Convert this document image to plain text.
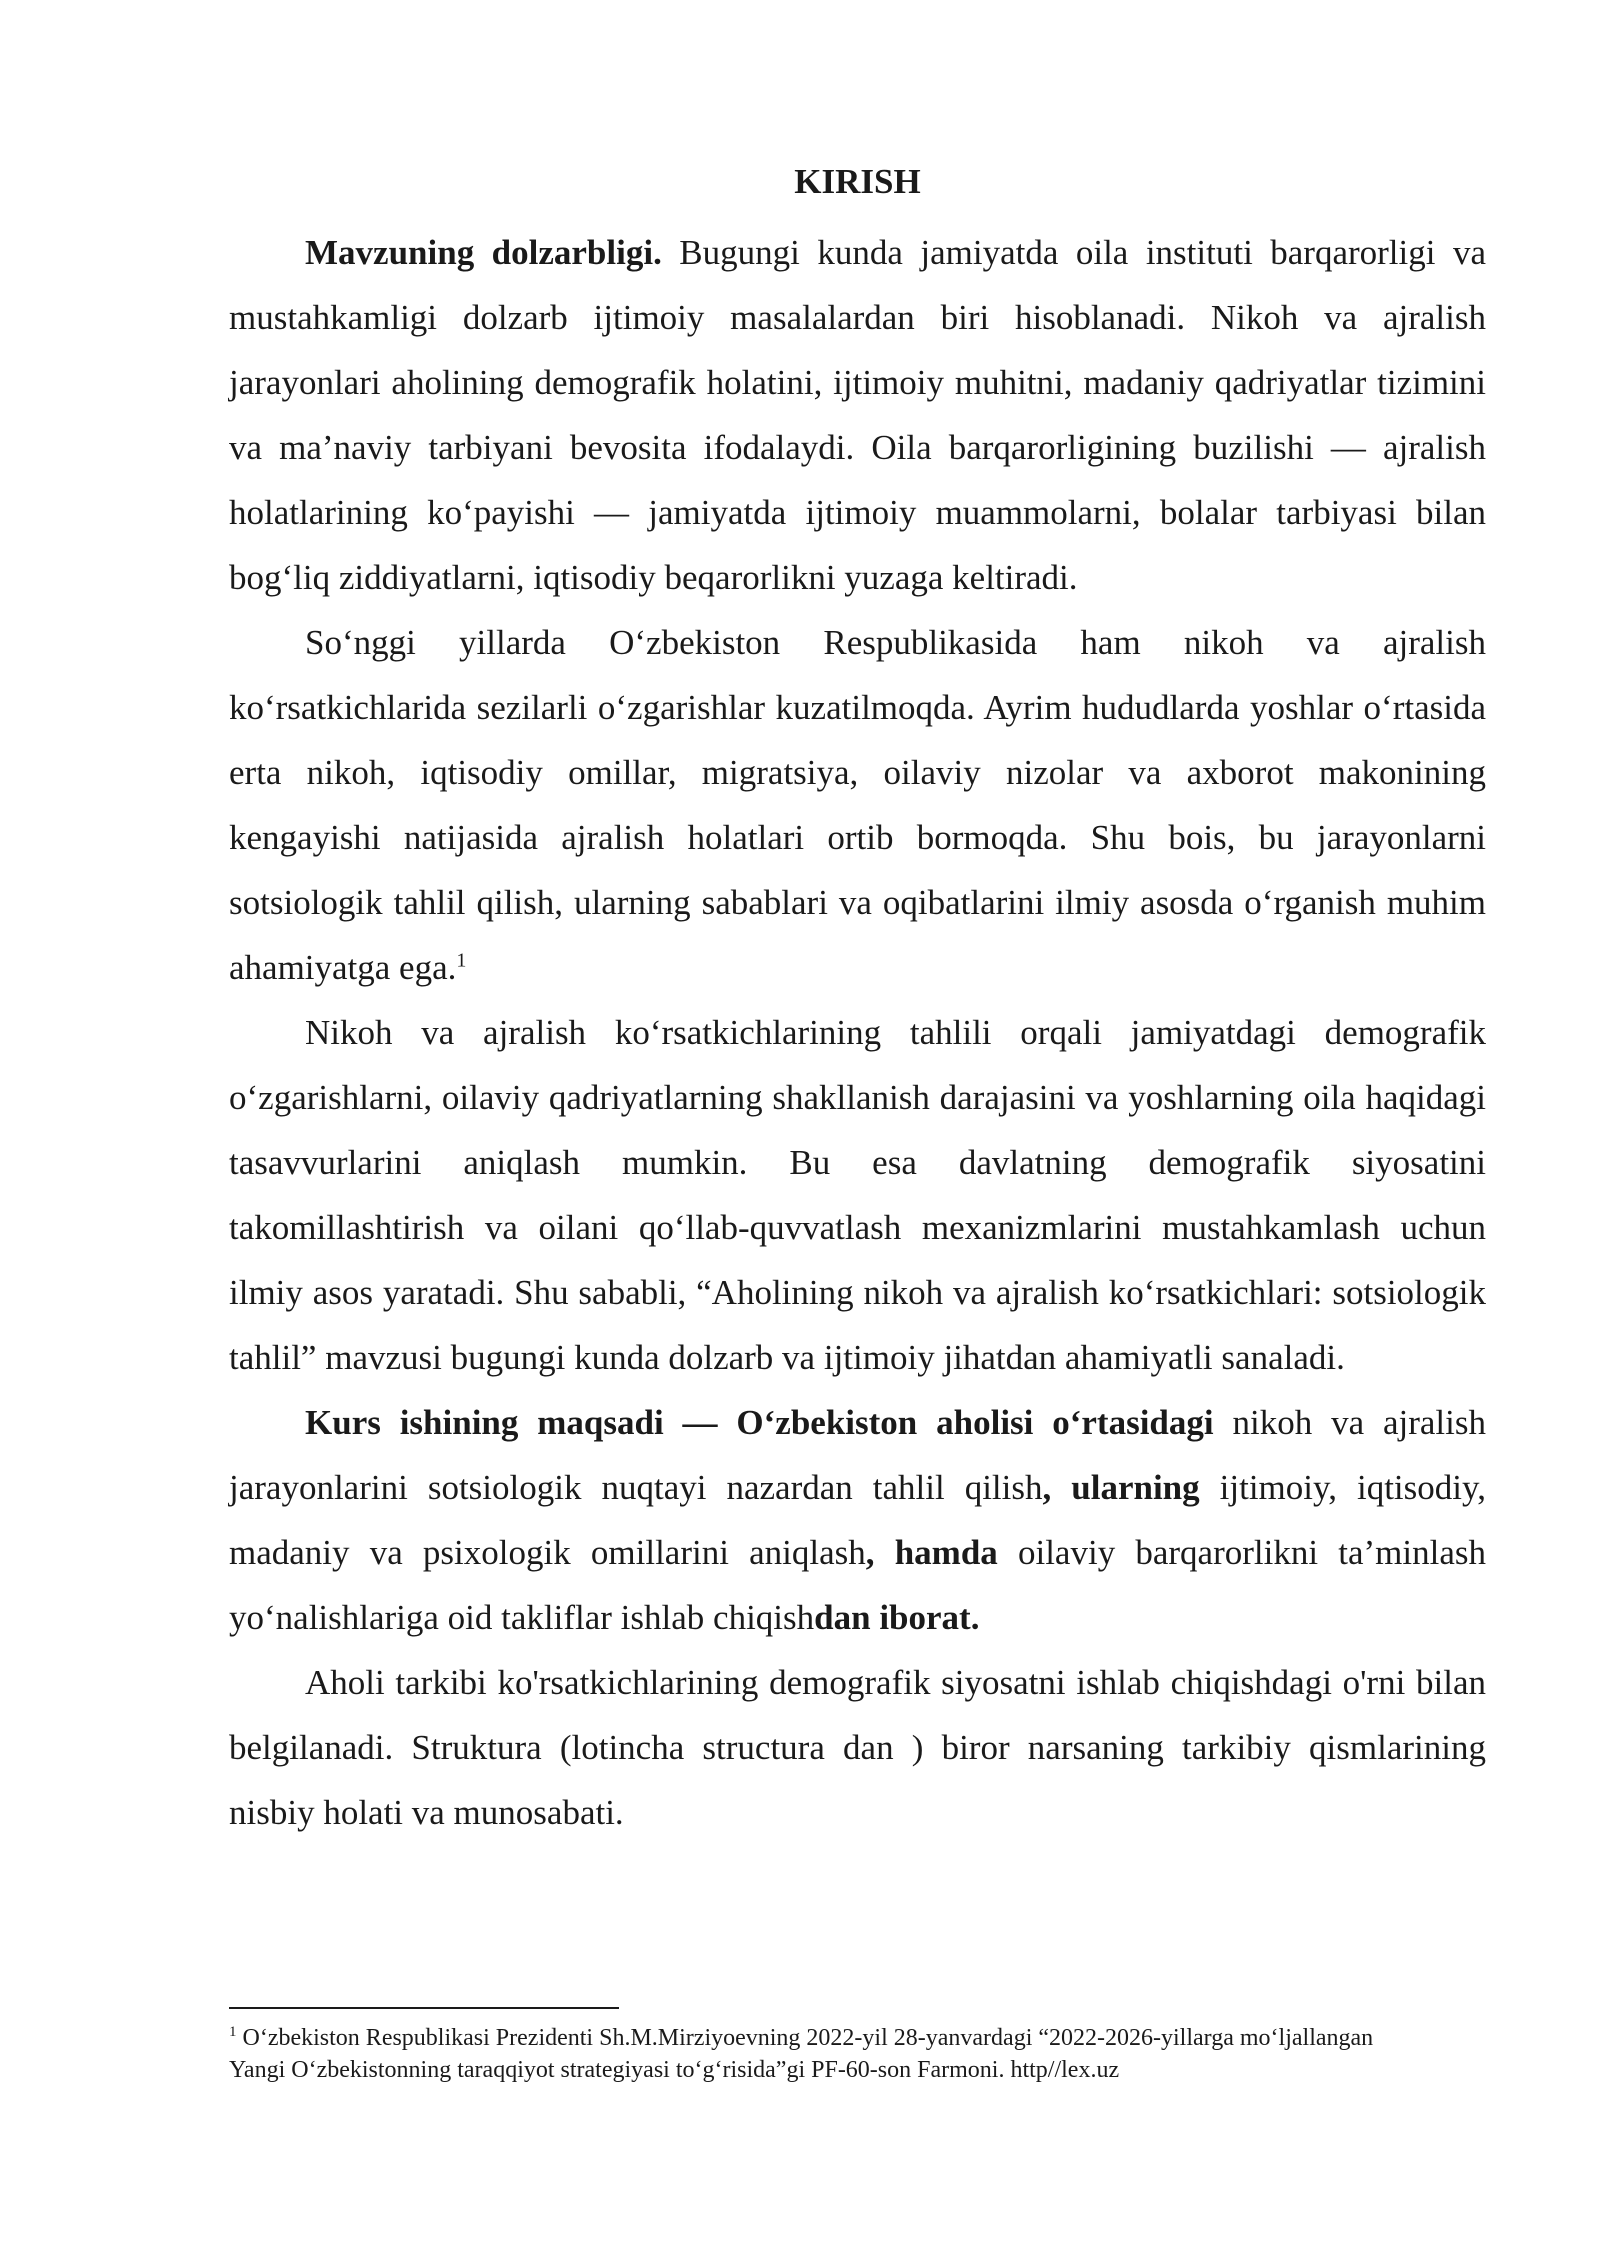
KIRISH

Mavzuning dolzarbligi. Bugungi kunda jamiyatda oila instituti barqarorligi va mustahkamligi dolzarb ijtimoiy masalalardan biri hisoblanadi. Nikoh va ajralish jarayonlari aholining demografik holatini, ijtimoiy muhitni, madaniy qadriyatlar tizimini va ma’naviy tarbiyani bevosita ifodalaydi. Oila barqarorligining buzilishi — ajralish holatlarining koʻpayishi — jamiyatda ijtimoiy muammolarni, bolalar tarbiyasi bilan bogʻliq ziddiyatlarni, iqtisodiy beqarorlikni yuzaga keltiradi.

Soʻnggi yillarda Oʻzbekiston Respublikasida ham nikoh va ajralish koʻrsatkichlarida sezilarli oʻzgarishlar kuzatilmoqda. Ayrim hududlarda yoshlar oʻrtasida erta nikoh, iqtisodiy omillar, migratsiya, oilaviy nizolar va axborot makonining kengayishi natijasida ajralish holatlari ortib bormoqda. Shu bois, bu jarayonlarni sotsiologik tahlil qilish, ularning sabablari va oqibatlarini ilmiy asosda oʻrganish muhim ahamiyatga ega.$^1$

Nikoh va ajralish koʻrsatkichlarining tahlili orqali jamiyatdagi demografik oʻzgarishlarni, oilaviy qadriyatlarning shakllanish darajasini va yoshlarning oila haqidagi tasavvurlarini aniqlash mumkin. Bu esa davlatning demografik siyosatini takomillashtirish va oilani qoʻllab-quvvatlash mexanizmlarini mustahkamlash uchun ilmiy asos yaratadi. Shu sababli, “Aholining nikoh va ajralish koʻrsatkichlari: sotsiologik tahlil” mavzusi bugungi kunda dolzarb va ijtimoiy jihatdan ahamiyatli sanaladi.

Kurs ishining maqsadi — Oʻzbekiston aholisi oʻrtasidagi nikoh va ajralish jarayonlarini sotsiologik nuqtayi nazardan tahlil qilish, ularning ijtimoiy, iqtisodiy, madaniy va psixologik omillarini aniqlash, hamda oilaviy barqarorlikni ta’minlash yoʻnalishlariga oid takliflar ishlab chiqishdan iborat.

Aholi tarkibi ko'rsatkichlarining demografik siyosatni ishlab chiqishdagi o'rni bilan belgilanadi. Struktura (lotincha structura dan ) biror narsaning tarkibiy qismlarining nisbiy holati va munosabati.

$^1$ Oʻzbekiston Respublikasi Prezidenti Sh.M.Mirziyoevning 2022-yil 28-yanvardagi “2022-2026-yillarga moʻljallangan Yangi Oʻzbekistonning taraqqiyot strategiyasi toʻgʻrisida”gi PF-60-son Farmoni. http//lex.uz
